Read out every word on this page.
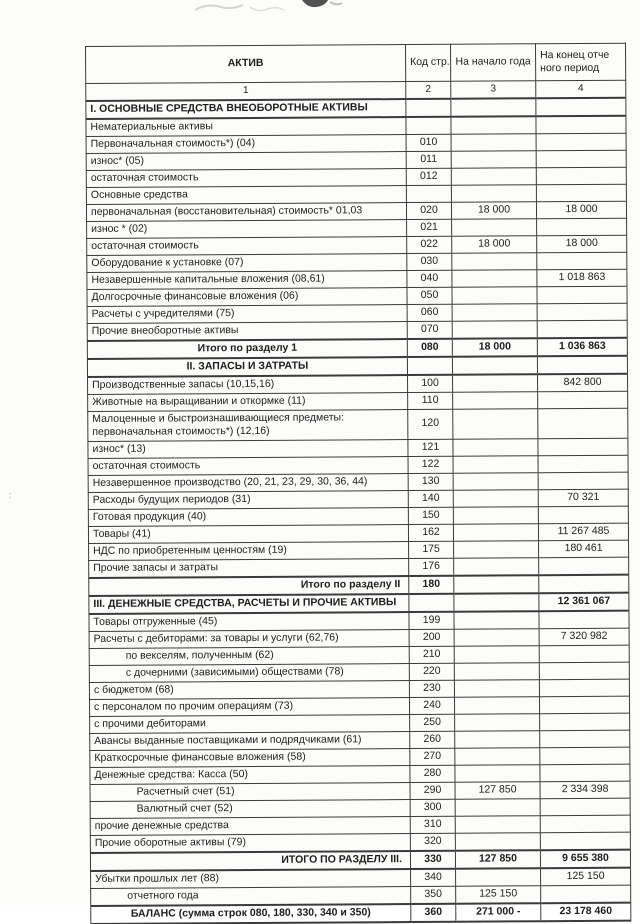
:
АКТИВ	Код стр.	На начало года	На конец отче
ного период

1	2	3	4
I. ОСНОВНЫЕ СРЕДСТВА ВНЕОБОРОТНЫЕ АКТИВЫ			
Нематериальные активы			
Первоначальная стоимость*) (04)	010		
износ* (05)	011		
остаточная стоимость	012		
Основные средства			
первоначальная (восстановительная) стоимость* 01,03	020	18 000	18 000
износ * (02)	021		
остаточная стоимость	022	18 000	18 000
Оборудование к установке (07)	030		
Незавершенные капитальные вложения (08,61)	040		1 018 863
Долгосрочные финансовые вложения (06)	050		
Расчеты с учредителями (75)	060		
Прочие внеоборотные активы	070		
Итого по разделу 1	080	18 000	1 036 863
II. ЗАПАСЫ И ЗАТРАТЫ			
Производственные запасы (10,15,16)	100		842 800
Животные на выращивании и откормке (11)	110		

Малоценные и быстроизнашивающиеся предметы:
первоначальная стоимость*) (12,16)	120		
износ* (13)	121		
остаточная стоимость	122		
Незавершенное производство (20, 21, 23, 29, 30, 36, 44)	130		
Расходы будущих периодов (31)	140		70 321
Готовая продукция (40)	150		
Товары (41)	162		11 267 485
НДС по приобретенным ценностям (19)	175		180 461
Прочие запасы и затраты	176		
Итого по разделу II	180		
III. ДЕНЕЖНЫЕ СРЕДСТВА, РАСЧЕТЫ И ПРОЧИЕ АКТИВЫ			12 361 067
Товары отгруженные (45)	199		
Расчеты с дебиторами: за товары и услуги (62,76)	200		7 320 982
по векселям, полученным (62)	210		
с дочерними (зависимыми) обществами (78)	220		
с бюджетом (68)	230		
с персоналом по прочим операциям (73)	240		
с прочими дебиторами	250		
Авансы выданные поставщиками и подрядчиками (61)	260		
Краткосрочные финансовые вложения (58)	270		
Денежные средства: Касса (50)	280		
Расчетный счет (51)	290	127 850	2 334 398
Валютный счет (52)	300		
прочие денежные средства	310		
Прочие оборотные активы (79)	320		
ИТОГО ПО РАЗДЕЛУ III.	330	127 850	9 655 380
Убытки прошлых лет (88)	340		125 150
отчетного года	350	125 150	
БАЛАНС (сумма строк 080, 180, 330, 340 и 350)	360	271 000 -	23 178 460
